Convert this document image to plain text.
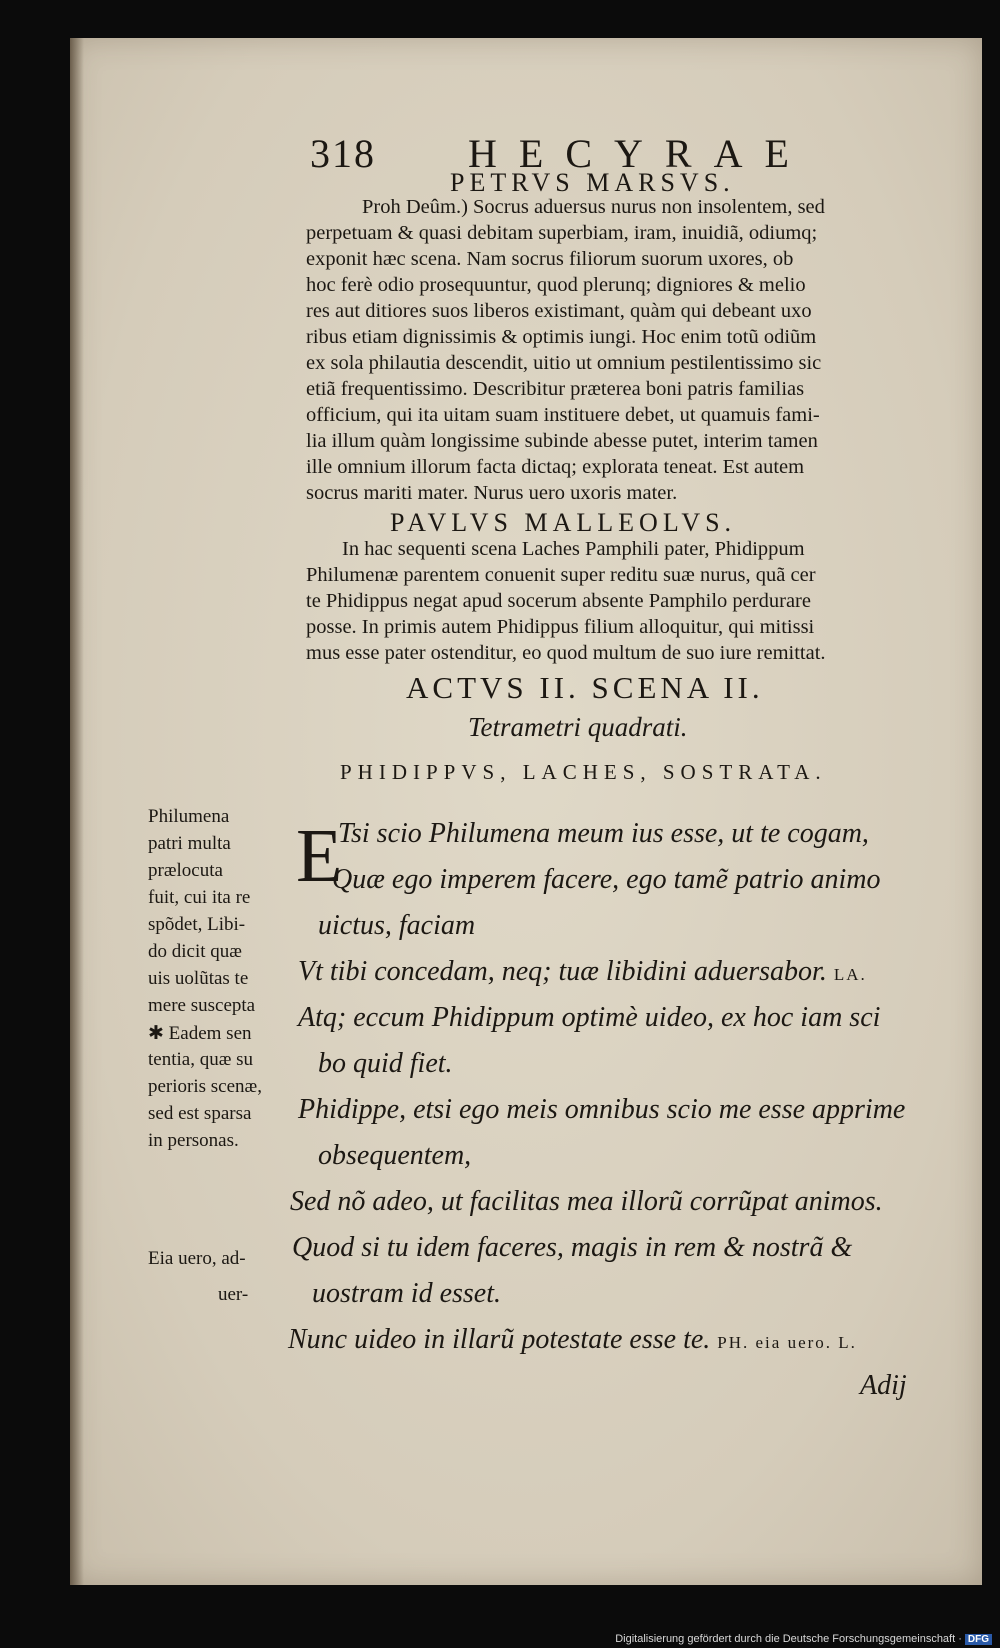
318 HECYRAE
PETRVS MARSVS.
Proh Deûm.) Socrus aduersus nurus non insolentem, sed
perpetuam & quasi debitam superbiam, iram, inuidiã, odiumq;
exponit hæc scena. Nam socrus filiorum suorum uxores, ob
hoc ferè odio prosequuntur, quod plerunq; digniores & melio
res aut ditiores suos liberos existimant, quàm qui debeant uxo
ribus etiam dignissimis & optimis iungi. Hoc enim totũ odiũm
ex sola philautia descendit, uitio ut omnium pestilentissimo sic
etiã frequentissimo. Describitur præterea boni patris familias
officium, qui ita uitam suam instituere debet, ut quamuis fami-
lia illum quàm longissime subinde abesse putet, interim tamen
ille omnium illorum facta dictaq; explorata teneat. Est autem
socrus mariti mater. Nurus uero uxoris mater.
PAVLVS MALLEOLVS.
In hac sequenti scena Laches Pamphili pater, Phidippum
Philumenæ parentem conuenit super reditu suæ nurus, quã cer
te Phidippus negat apud socerum absente Pamphilo perdurare
posse. In primis autem Phidippus filium alloquitur, qui mitissi
mus esse pater ostenditur, eo quod multum de suo iure remittat.
ACTVS II. SCENA II.
Tetrametri quadrati.
PHIDIPPVS, LACHES, SOSTRATA.
Philumena
patri multa
prælocuta
fuit, cui ita re
spõdet, Libi-
do dicit quæ
uis uolũtas te
mere suscepta
✱ Eadem sen
tentia, quæ su
perioris scenæ,
sed est sparsa
in personas.
Eia uero, ad-
uer-
E
Tsi scio Philumena meum ius esse, ut te cogam,
Quæ ego imperem facere, ego tamẽ patrio animo
uictus, faciam
Vt tibi concedam, neq; tuæ libidini aduersabor. LA.
Atq; eccum Phidippum optimè uideo, ex hoc iam sci
bo quid fiet.
Phidippe, etsi ego meis omnibus scio me esse apprime
obsequentem,
Sed nõ adeo, ut facilitas mea illorũ corrũpat animos.
Quod si tu idem faceres, magis in rem & nostrã &
uostram id esset.
Nunc uideo in illarũ potestate esse te. PH. eia uero. L.
Adij
Digitalisierung gefördert durch die Deutsche Forschungsgemeinschaft · DFG
